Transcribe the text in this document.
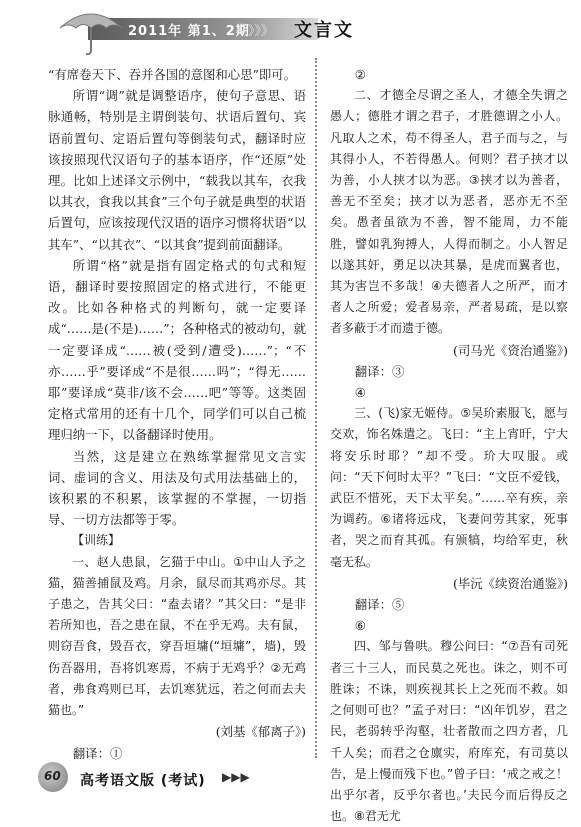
2011年 第1、2期
》》》 文言文

“有席卷天下、吞并各国的意图和心思”即可。

所谓“调”就是调整语序，使句子意思、语脉通畅，特别是主谓倒装句、状语后置句、宾语前置句、定语后置句等倒装句式，翻译时应该按照现代汉语句子的基本语序，作“还原”处理。比如上述译文示例中，“载我以其车，衣我以其衣，食我以其食”三个句子就是典型的状语后置句，应该按现代汉语的语序习惯将状语“以其车”、“以其衣”、“以其食”提到前面翻译。

所谓“格”就是指有固定格式的句式和短语，翻译时要按照固定的格式进行，不能更改。比如各种格式的判断句，就一定要译成“……是(不是)……”；各种格式的被动句，就一定要译成“……被(受到/遭受)……”；“不亦……乎”要译成“不是很……吗”；“得无……耶”要译成“莫非/该不会……吧”等等。这类固定格式常用的还有十几个，同学们可以自己梳理归纳一下，以备翻译时使用。

当然，这是建立在熟练掌握常见文言实词、虚词的含义、用法及句式用法基础上的，该积累的不积累，该掌握的不掌握，一切指导、一切方法都等于零。

【训练】

一、赵人患鼠，乞猫于中山。①中山人予之猫，猫善捕鼠及鸡。月余，鼠尽而其鸡亦尽。其子患之，告其父曰：“盍去诸？”其父曰：“是非若所知也，吾之患在鼠，不在乎无鸡。夫有鼠，则窃吾食，毁吾衣，穿吾垣墉(“垣墉”，墙)，毁伤吾器用，吾将饥寒焉，不病于无鸡乎？②无鸡者，弗食鸡则已耳，去饥寒犹远，若之何而去夫猫也。”

(刘基《郁离子》)

翻译：①

②

二、才德全尽谓之圣人，才德全失谓之愚人；德胜才谓之君子，才胜德谓之小人。凡取人之术，苟不得圣人，君子而与之，与其得小人，不若得愚人。何则？君子挟才以为善，小人挟才以为恶。③挟才以为善者，善无不至矣；挟才以为恶者，恶亦无不至矣。愚者虽欲为不善，智不能周，力不能胜，譬如乳狗搏人，人得而制之。小人智足以遂其奸，勇足以决其暴，是虎而翼者也，其为害岂不多哉！④夫德者人之所严，而才者人之所爱；爱者易亲，严者易疏，是以察者多蔽于才而遗于德。

(司马光《资治通鉴》)

翻译：③

④

三、(飞)家无姬侍。⑤吴玠素服飞，愿与交欢，饰名姝遣之。飞曰：“主上宵旰，宁大将安乐时耶？”却不受。玠大叹服。或问：“天下何时太平？”飞曰：“文臣不爱钱，武臣不惜死，天下太平矣。”……卒有疾，亲为调药。⑥诸将远戍，飞妻问劳其家，死事者，哭之而育其孤。有颁犒，均给军吏，秋毫无私。

(毕沅《续资治通鉴》)

翻译：⑤

⑥

四、邹与鲁哄。穆公问曰：“⑦吾有司死者三十三人，而民莫之死也。诛之，则不可胜诛；不诛，则疾视其长上之死而不救。如之何则可也？”孟子对曰：“凶年饥岁，君之民，老弱转乎沟壑，壮者散而之四方者，几千人矣；而君之仓廪实，府库充，有司莫以告，是上慢而残下也。”曾子曰：‘戒之戒之！出乎尔者，反乎尔者也。’夫民今而后得反之也。⑧君无尤

60 高考语文版 (考试) ▶▶▶
